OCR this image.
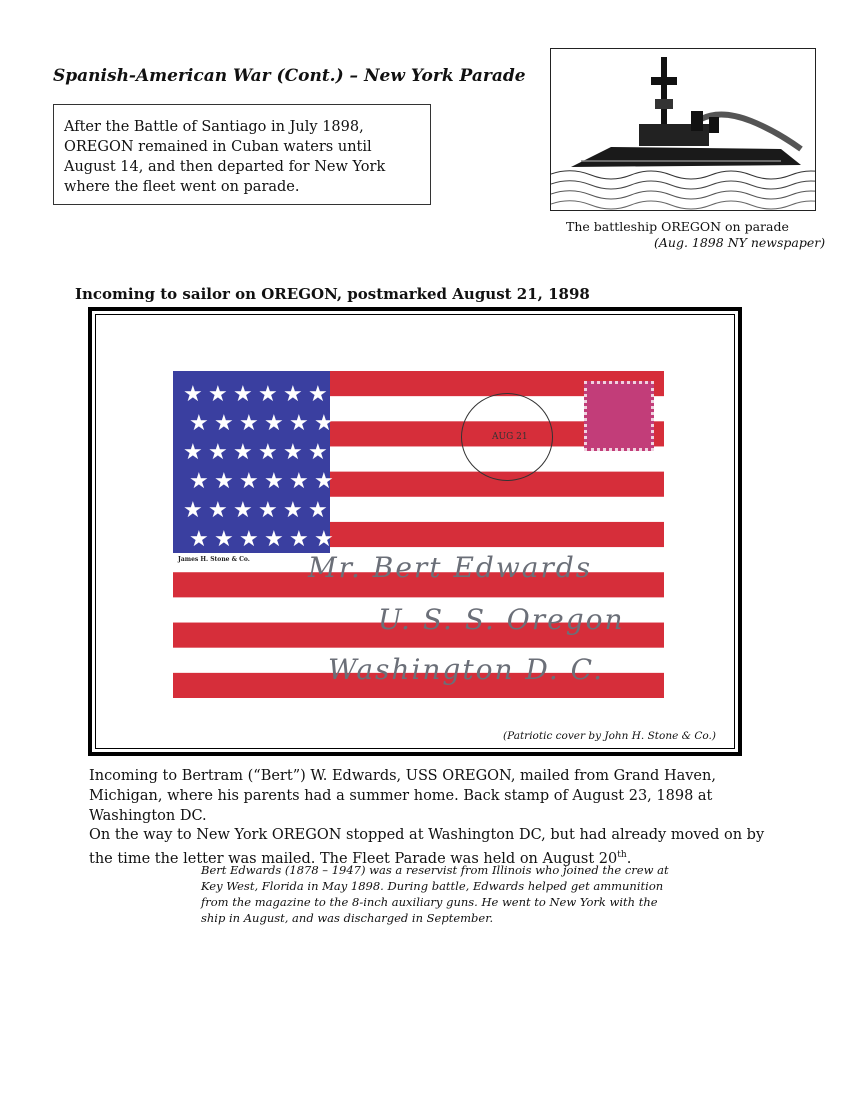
Spanish-American War (Cont.) – New York Parade
After the Battle of Santiago in July 1898, OREGON remained in Cuban waters until August 14, and then departed for New York where the fleet went on parade.
The battleship OREGON on parade
(Aug. 1898 NY newspaper)
Incoming to sailor on OREGON, postmarked August 21, 1898
★ ★ ★ ★ ★ ★
★ ★ ★ ★ ★ ★
★ ★ ★ ★ ★ ★
★ ★ ★ ★ ★ ★
★ ★ ★ ★ ★ ★
★ ★ ★ ★ ★ ★
AUG 21
James H. Stone & Co. Mr. Bert Edwards
U. S. S. Oregon
Washington D. C.
(Patriotic cover by John H. Stone & Co.)

Incoming to Bertram (“Bert”) W. Edwards, USS OREGON, mailed from Grand Haven, Michigan, where his parents had a summer home. Back stamp of August 23, 1898 at Washington DC.

On the way to New York OREGON stopped at Washington DC, but had already moved on by the time the letter was mailed. The Fleet Parade was held on August 20th.

Bert Edwards (1878 – 1947) was a reservist from Illinois who joined the crew at Key West, Florida in May 1898. During battle, Edwards helped get ammunition from the magazine to the 8-inch auxiliary guns. He went to New York with the ship in August, and was discharged in September.
